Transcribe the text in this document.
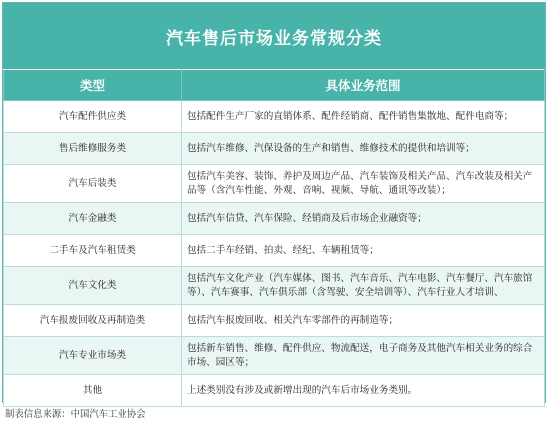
汽车售后市场业务常规分类
类型	具体业务范围
汽车配件供应类	包括配件生产厂家的直销体系、配件经销商、配件销售集散地、配件电商等；
售后维修服务类	包括汽车维修、汽保设备的生产和销售、维修技术的提供和培训等；
汽车后装类	包括汽车美容、装饰、养护及周边产品、汽车装饰及相关产品、汽车改装及相关产品等（含汽车性能、外观、音响、视频、导航、通讯等改装）；
汽车金融类	包括汽车信贷、汽车保险、经销商及后市场企业融资等；
二手车及汽车租赁类	包括二手车经销、拍卖、经纪、车辆租赁等；
汽车文化类	包括汽车文化产业（汽车媒体、图书、汽车音乐、汽车电影、汽车餐厅、汽车旅馆等）、汽车赛事、汽车俱乐部（含驾驶、安全培训等）、汽车行业人才培训、
汽车报废回收及再制造类	包括汽车报废回收、相关汽车零部件的再制造等；
汽车专业市场类	包括新车销售、维修、配件供应、物流配送，电子商务及其他汽车相关业务的综合市场、园区等；
其他	上述类别没有涉及或新增出现的汽车后市场业务类别。
制表信息来源：中国汽车工业协会
